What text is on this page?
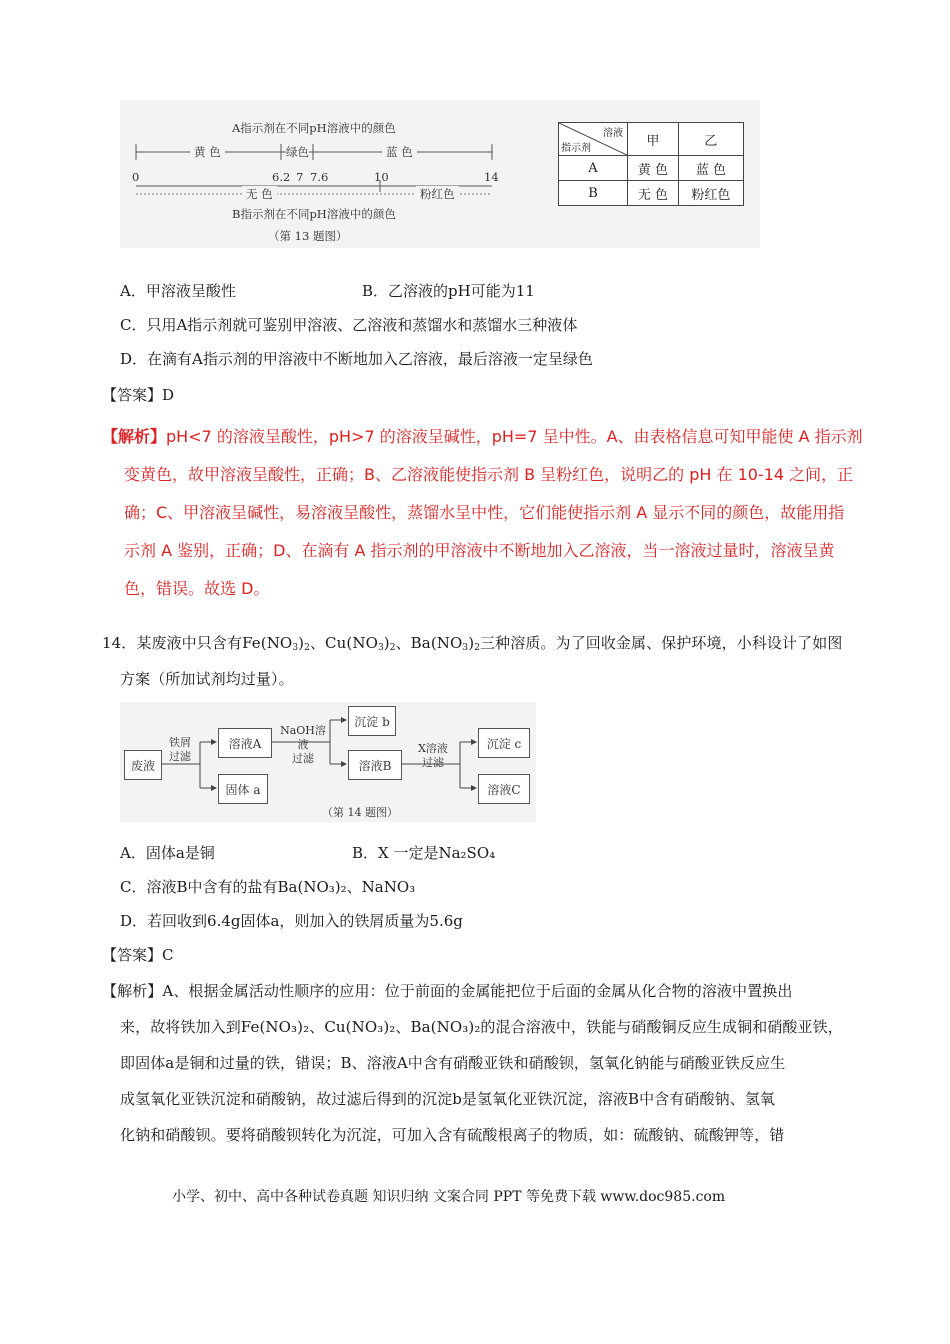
A指示剂在不同pH溶液中的颜色
黄 色	绿色	蓝 色
0	6.2 7 7.6	10	14
无 色	粉红色
B指示剂在不同pH溶液中的颜色
（第 13 题图）
溶液
指示剂	甲	乙
A	黄 色	蓝 色
B	无 色	粉红色
A．甲溶液呈酸性	B．乙溶液的pH可能为11
C．只用A指示剂就可鉴别甲溶液、乙溶液和蒸馏水和蒸馏水三种液体
D．在滴有A指示剂的甲溶液中不断地加入乙溶液，最后溶液一定呈绿色
【答案】D
【解析】pH<7 的溶液呈酸性，pH>7 的溶液呈碱性，pH=7 呈中性。A、由表格信息可知甲能使 A 指示剂
变黄色，故甲溶液呈酸性，正确；B、乙溶液能使指示剂 B 呈粉红色，说明乙的 pH 在 10-14 之间，正
确；C、甲溶液呈碱性，易溶液呈酸性，蒸馏水呈中性，它们能使指示剂 A 显示不同的颜色，故能用指
示剂 A 鉴别，正确；D、在滴有 A 指示剂的甲溶液中不断地加入乙溶液，当一溶液过量时，溶液呈黄
色，错误。故选 D。
14．某废液中只含有$Fe(NO_3)_2$、$Cu(NO_3)_2$、$Ba(NO_3)_2$三种溶质。为了回收金属、保护环境，小科设计了如图
方案（所加试剂均过量）。
废液
铁屑
过滤
溶液A
固体 a
NaOH溶液
过滤
沉淀 b
溶液B
X溶液
过滤
沉淀 c
溶液C
（第 14 题图）
A．固体a是铜	B．X 一定是Na₂SO₄
C．溶液B中含有的盐有Ba(NO₃)₂、NaNO₃
D．若回收到6.4g固体a，则加入的铁屑质量为5.6g
【答案】C
【解析】A、根据金属活动性顺序的应用：位于前面的金属能把位于后面的金属从化合物的溶液中置换出
来，故将铁加入到Fe(NO₃)₂、Cu(NO₃)₂、Ba(NO₃)₂的混合溶液中，铁能与硝酸铜反应生成铜和硝酸亚铁，
即固体a是铜和过量的铁，错误；B、溶液A中含有硝酸亚铁和硝酸钡，氢氧化钠能与硝酸亚铁反应生
成氢氧化亚铁沉淀和硝酸钠，故过滤后得到的沉淀b是氢氧化亚铁沉淀，溶液B中含有硝酸钠、氢氧
化钠和硝酸钡。要将硝酸钡转化为沉淀，可加入含有硫酸根离子的物质，如：硫酸钠、硫酸钾等，错
小学、初中、高中各种试卷真题 知识归纳 文案合同 PPT 等免费下载 www.doc985.com
